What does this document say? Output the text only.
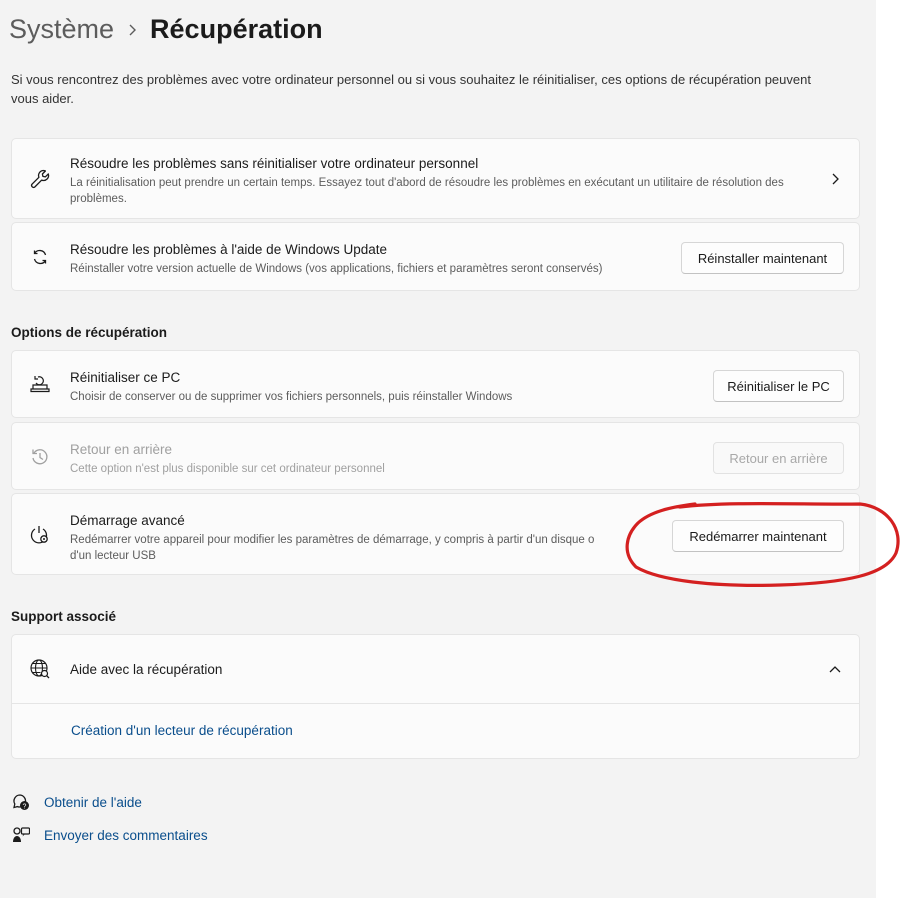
Système Récupération
Si vous rencontrez des problèmes avec votre ordinateur personnel ou si vous souhaitez le réinitialiser, ces options de récupération peuvent vous aider.
Résoudre les problèmes sans réinitialiser votre ordinateur personnel
La réinitialisation peut prendre un certain temps. Essayez tout d'abord de résoudre les problèmes en exécutant un utilitaire de résolution des problèmes.
Résoudre les problèmes à l'aide de Windows Update
Réinstaller votre version actuelle de Windows (vos applications, fichiers et paramètres seront conservés)
Réinstaller maintenant
Options de récupération
Réinitialiser ce PC
Choisir de conserver ou de supprimer vos fichiers personnels, puis réinstaller Windows
Réinitialiser le PC
Retour en arrière
Cette option n'est plus disponible sur cet ordinateur personnel
Retour en arrière
Démarrage avancé
Redémarrer votre appareil pour modifier les paramètres de démarrage, y compris à partir d'un disque o
d'un lecteur USB
Redémarrer maintenant
Support associé
Aide avec la récupération
Création d'un lecteur de récupération
? Obtenir de l'aide
Envoyer des commentaires
